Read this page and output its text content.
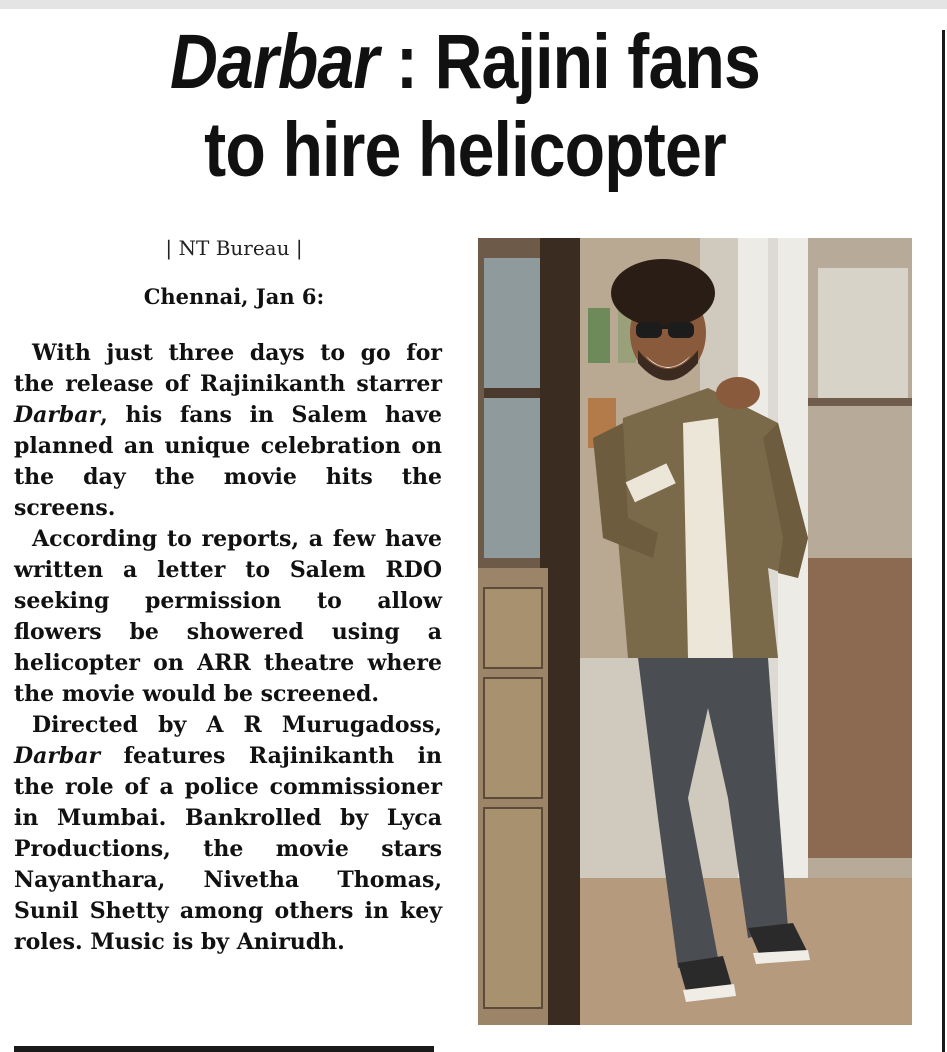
Darbar : Rajini fans
to hire helicopter
| NT Bureau |
Chennai, Jan 6:

With just three days to go for the release of Rajinikanth starrer Darbar, his fans in Salem have planned an unique celebration on the day the movie hits the screens.

According to reports, a few have written a letter to Salem RDO seeking permission to allow flowers be showered using a helicopter on ARR theatre where the movie would be screened.

Directed by A R Murugadoss, Darbar features Rajinikanth in the role of a police commissioner in Mumbai. Bankrolled by Lyca Productions, the movie stars Nayanthara, Nivetha Thomas, Sunil Shetty among others in key roles. Music is by Anirudh.
